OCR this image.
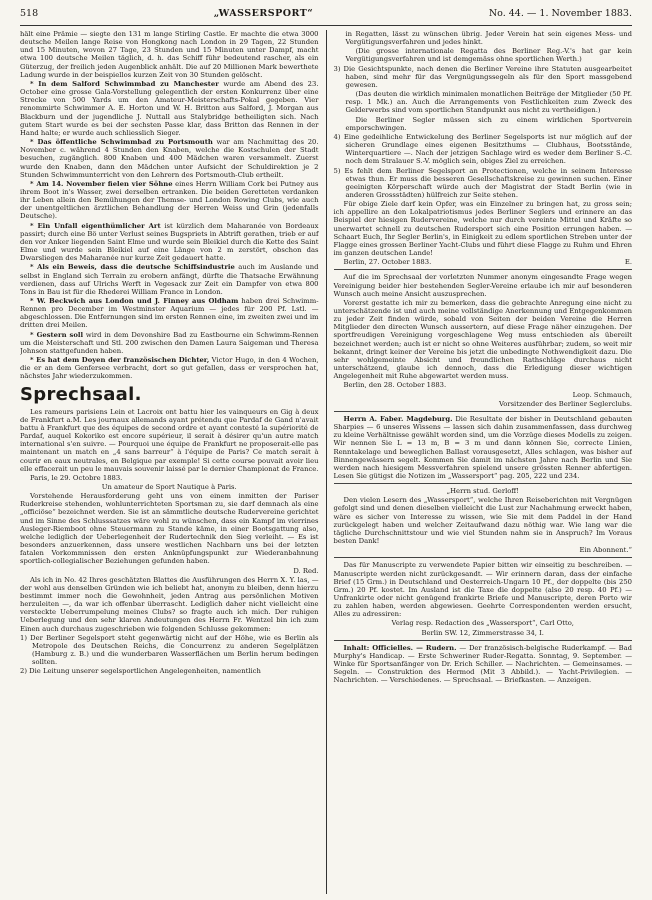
518	„WASSERSPORT“	No. 44. — 1. November 1883.

hält eine Prämie — siegte den 131 m lange Stirling Castle. Er machte die etwa 3000 deutsche Meilen lange Reise von Hongkong nach London in 29 Tagen, 22 Stunden und 15 Minuten, wovon 27 Tage, 23 Stunden und 15 Minuten unter Dampf, macht etwa 100 deutsche Meilen täglich, d. h. das Schiff führ bedeutend rascher, als ein Güterzug, der freilich jeden Augenblick anhält. Die auf 20 Millionen Mark bewerthete Ladung wurde in der beispiellos kurzen Zeit von 30 Stunden gelöscht.

* In dem Salford Schwimmbad zu Manchester wurde am Abend des 23. October eine grosse Gala-Vorstellung gelegentlich der ersten Konkurrenz über eine Strecke von 500 Yards um den Amateur-Meisterschafts-Pokal gegeben. Vier renommirte Schwimmer A. E. Horton und W. H. Britton aus Salford, J. Morgan aus Blackburn und der jugendliche J. Nuttall aus Stalybridge betheiligten sich. Nach gutem Start wurde es bei der sechsten Passe klar, dass Britton das Rennen in der Hand halte; er wurde auch schliesslich Sieger.

* Das öffentliche Schwimmbad zu Portsmouth war am Nachmittag des 20. November c. während 4 Stunden den Knaben, welche die Kostschulen der Stadt besuchen, zugänglich. 800 Knaben und 400 Mädchen waren versammelt. Zuerst wurde den Knaben, dann den Mädchen unter Aufsicht der Schuldirektion je 2 Stunden Schwimmunterricht von den Lehrern des Portsmouth-Club ertheilt.

* Am 14. November fielen vier Söhne eines Herrn William Cork bei Putney aus ihrem Boot in's Wasser, zwei derselben ertranken. Die beiden Geretteten verdanken ihr Leben allein den Bemühungen der Themse- und London Rowing Clubs, wie auch der unentgeltlichen ärztlichen Behandlung der Herren Weiss und Grin (jedenfalls Deutsche).

* Ein Unfall eigenthümlicher Art ist kürzlich dem Maharanée von Bordeaux passirt; durch eine Bö unter Verlust seines Bugspriets in Abtrift gerathen, trieb er auf den vor Anker liegenden Saint Elme und wurde sein Bleikiel durch die Kette des Saint Elme und wurde sein Bleikiel auf eine Länge von 2 m zerstört, obschon das Dwarsliegen des Maharanée nur kurze Zeit gedauert hatte.

* Als ein Beweis, dass die deutsche Schiffsindustrie auch im Auslande und selbst in England sich Terrain zu erobern anfängt, dürfte die Thatsache Erwähnung verdienen, dass auf Ulrichs Werft in Vegesack zur Zeit ein Dampfer von etwa 800 Tons in Bau ist für die Rhederei William France in London.

* W. Beckwich aus London und J. Finney aus Oldham haben drei Schwimm-Rennen pro December im Westminster Aquarium — jedes für 200 Pf. Lstl. — abgeschlossen. Die Entfernungen sind im ersten Rennen eine, im zweiten zwei und im dritten drei Meilen.

* Gestern soll wird in dem Devonshire Bad zu Eastbourne ein Schwimm-Rennen um die Meisterschaft und Stl. 200 zwischen den Damen Laura Saigeman und Theresa Johnson stattgefunden haben.

* Es hat dem Doyen der französischen Dichter, Victor Hugo, in den 4 Wochen, die er an dem Genfersee verbracht, dort so gut gefallen, dass er versprochen hat, nächstes Jahr wiederzukommen.

Sprechsaal.

Les rameurs parisiens Lein et Lacroix ont battu hier les vainqueurs en Gig à deux de Frankfurt a.M. Les journaux allemands ayant prétendu que Pardaf de Gand n'avait battu à Frankfurt que des équipes de second ordre et ayant contesté la supériorité de Pardaf, auquel Kokoriko est encore supérieur, il serait à désirer qu'un autre match international s'en suivre. — Pourquoi une équipe de Frankfurt ne proposerait-elle pas maintenant un match en „4 sans barreur“ à l'équipe de Paris? Ce match serait à courir en eaux neutrales, en Belgique par exemple! Si cette course pouvait avoir lieu elle effacerait un peu le mauvais souvenir laissé par le dernier Championat de France.

Paris, le 29. Octobre 1883.

Un amateur de Sport Nautique à Paris.

Vorstehende Herausforderung geht uns von einem inmitten der Pariser Ruderkreise stehenden, wohlunterrichteten Sportsman zu, sie darf demnach als eine „officiöse“ bezeichnet werden. Sie ist an sämmtliche deutsche Rudervereine gerichtet und im Sinne des Schlusssatzes wäre wohl zu wünschen, dass ein Kampf im vierrines Ausleger-Riemboot ohne Steuermann zu Stande käme, in einer Bootsgattung also, welche lediglich der Ueberlegenheit der Rudertechnik den Sieg verleiht. — Es ist besonders anzuerkennen, dass unsere westlichen Nachbarn uns bei der letzten fatalen Vorkommnissen den ersten Anknüpfungspunkt zur Wiederanbahnung sportlich-collegialischer Beziehungen gefunden haben.

D. Red.

Als ich in No. 42 Ihres geschätzten Blattes die Ausführungen des Herrn X. Y. las, — der wohl aus denselben Gründen wie ich beliebt hat, anonym zu bleiben, denn hierzu bestimmt immer noch die Gewohnheit, jeden Antrag aus persönlichen Motiven herzuleiten —, da war ich offenbar überrascht. Lediglich daher nicht vielleicht eine versteckte Ueberrumpelung meines Clubs? so fragte auch ich mich. Der ruhigen Ueberlegung und den sehr klaren Andeutungen des Herrn Fr. Wentzel bin ich zum Einen auch durchaus zugeschrieben wie folgenden Schlusse gekommen:

1) Der Berliner Segelsport steht gegenwärtig nicht auf der Höhe, wie es Berlin als Metropole des Deutschen Reichs, die Concurrenz zu anderen Segelplätzen (Hamburg z. B.) und die wunderbaren Wasserflächen um Berlin herum bedingen sollten.

2) Die Leitung unserer segelsportlichen Angelegenheiten, namentlich

in Regatten, lässt zu wünschen übrig. Jeder Verein hat sein eigenes Mess- und Vergütigungsverfahren und jedes hinkt.

(Die grosse internationale Regatta des Berliner Reg.-V.'s hat gar kein Vergütigungsverfahren und ist demgemäss ohne sportlichen Werth.)

3) Die Gesichtspunkte, nach denen die Berliner Vereine ihre Statuten ausgearbeitet haben, sind mehr für das Vergnügungssegeln als für den Sport massgebend gewesen.

(Das deuten die wirklich minimalen monatlichen Beiträge der Mitglieder (50 Pf. resp. 1 Mk.) an. Auch die Arrangements von Festlichkeiten zum Zweck des Gelderwerbs sind vom sportlichen Standpunkt aus nicht zu vertheidigen.)

Die Berliner Segler müssen sich zu einem wirklichen Sportverein emporschwingen.

4) Eine gedeihliche Entwickelung des Berliner Segelsports ist nur möglich auf der sicheren Grundlage eines eigenen Besitzthums — Clubhaus, Bootsstände, Winterquartiere —. Nach der jetzigen Sachlage wird es weder dem Berliner S.-C. noch dem Stralauer S.-V. möglich sein, obiges Ziel zu erreichen.

5) Es fehlt dem Berliner Segelsport an Protectionen, welche in seinem Interesse etwas thun. Er muss die besseren Gesellschaftskreise zu gewinnen suchen. Einer geeinigten Körperschaft würde auch der Magistrat der Stadt Berlin (wie in anderen Grossstädten) hülfreich zur Seite stehen.

Für obige Ziele darf kein Opfer, was ein Einzelner zu bringen hat, zu gross sein; ich appellire an den Lokalpatriotismus jedes Berliner Seglers und erinnere an das Beispiel der hiesigen Rudervereine, welche nur durch vereinte Mittel und Kräfte so unerwartet schnell zu deutschen Rudersport sich eine Position errungen haben. — Schaart Euch, Ihr Segler Berlin's, in Einigkeit zu edlem sportlichen Streben unter der Flagge eines grossen Berliner Yacht-Clubs und führt diese Flagge zu Ruhm und Ehren im ganzen deutschen Lande!

Berlin, 27. October 1883.	E.

Auf die im Sprechsaal der vorletzten Nummer anonym eingesandte Frage wegen Vereinigung beider hier bestehenden Segler-Vereine erlaube ich mir auf besonderen Wunsch auch meine Ansicht auszusprechen.

Vorerst gestatte ich mir zu bemerken, dass die gebrachte Anregung eine nicht zu unterschätzende ist und auch meine vollständige Anerkennung und Entgegenkommen zu jeder Zeit finden würde, sobald von Seiten der beiden Vereine die Herren Mitglieder den directen Wunsch aussertern, auf diese Frage näher einzugehen. Der sportfreudigen Vereinigung vorgeschlagene Weg muss entschieden als übereilt bezeichnet werden; auch ist er nicht so ohne Weiteres ausführbar; zudem, so weit mir bekannt, dringt keiner der Vereine bis jetzt die unbedingte Nothwendigkeit dazu. Die sehr wohlgemeinte Absicht und freundlichen Rathschläge durchaus nicht unterschätzend, glaube ich dennoch, dass die Erledigung dieser wichtigen Angelegenheit mit Ruhe abgewartet werden muss.

Berlin, den 28. October 1883.

Leop. Schmauch,

Vorsitzender des Berliner Seglerclubs.

Herrn A. Faber. Magdeburg. Die Resultate der bisher in Deutschland gebauten Sharpies — 6 unseres Wissens — lassen sich dahin zusammenfassen, dass durchweg zu kleine Verhältnisse gewählt worden sind, um die Vorzüge dieses Modells zu zeigen. Wir nennen Sie L = 13 m, B = 3 m und dann können Sie, correcte Linien, Renntakelage und beweglichen Ballast vorausgesetzt, Alles schlagen, was bisher auf Binnengewässern segelt. Kommen Sie damit im nächsten Jahre nach Berlin und Sie werden nach hiesigem Messverfahren spielend unsere grössten Renner abfertigen. Lesen Sie gütigst die Notizen im „Wassersport“ pag. 205, 222 und 234.

„Herrn stud. Gerloff!

Den vielen Lesern des „Wassersport“, welche Ihren Reiseberichten mit Vergnügen gefolgt sind und denen dieselben vielleicht die Lust zur Nachahmung erweckt haben, wäre es sicher von Interesse zu wissen, wie Sie mit dem Paddel in der Hand zurückgelegt haben und welcher Zeitaufwand dazu nöthig war. Wie lang war die tägliche Durchschnittstour und wie viel Stunden nahm sie in Anspruch? Im Voraus besten Dank!

Ein Abonnent.“

Das für Manuscripte zu verwendete Papier bitten wir einseitig zu beschreiben. — Manuscripte werden nicht zurückgesandt. — Wir erinnern daran, dass der einfache Brief (15 Grm.) in Deutschland und Oesterreich-Ungarn 10 Pf., der doppelte (bis 250 Grm.) 20 Pf. kostet. Im Ausland ist die Taxe die doppelte (also 20 resp. 40 Pf.) — Unfrankirte oder nicht genügend frankirte Briefe und Manuscripte, deren Porto wir zu zahlen haben, werden abgewiesen. Geehrte Correspondenten werden ersucht, Alles zu adressiren:

Verlag resp. Redaction des „Wassersport“, Carl Otto,

Berlin SW. 12, Zimmerstrasse 34, I.

Inhalt: Officielles. — Rudern. — Der französisch-belgische Ruderkampf. — Bad Murphy's Handicap. — Erste Schweriner Ruder-Regatta. Sonntag, 9. September. — Winke für Sportsanfänger von Dr. Erich Schiller. — Nachrichten. — Gemeinsames. — Segeln. — Construktion des Hermod (Mit 3 Abbild.). — Yacht-Privilegien. — Nachrichten. — Verschiedenes. — Sprechsaal. — Briefkasten. — Anzeigen.
